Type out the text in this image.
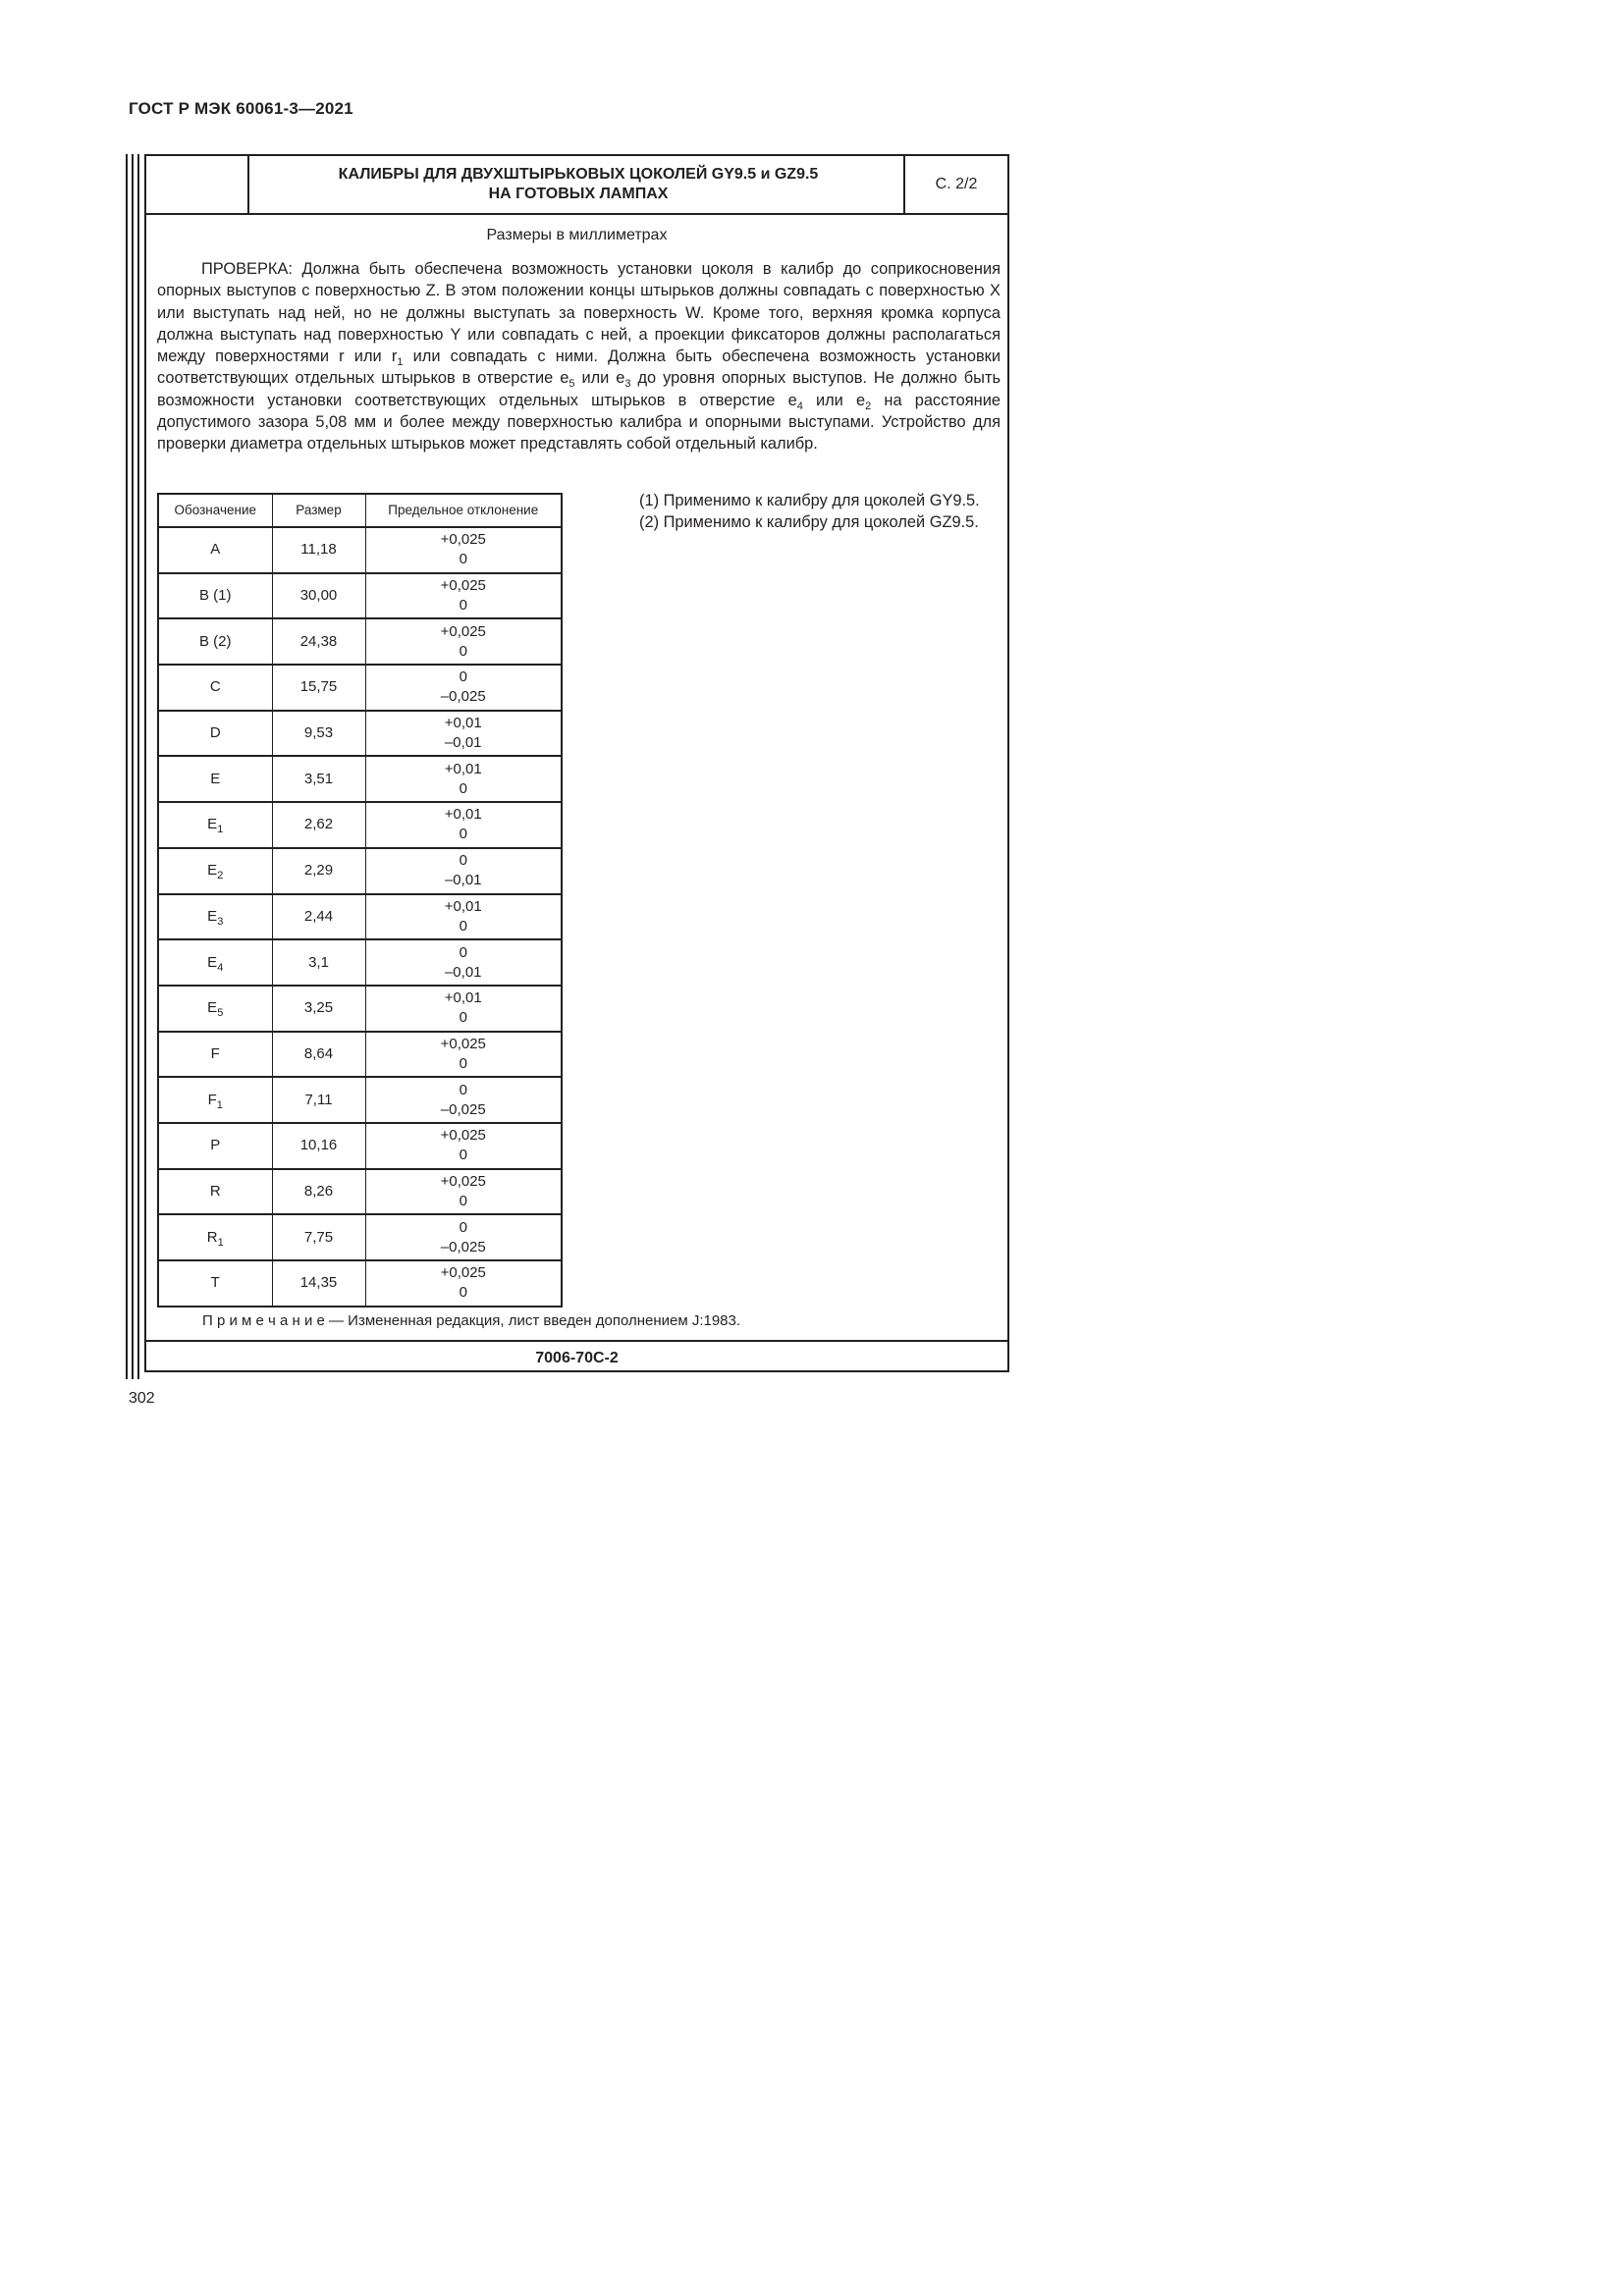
ГОСТ Р МЭК 60061-3—2021
КАЛИБРЫ ДЛЯ ДВУХШТЫРЬКОВЫХ ЦОКОЛЕЙ GY9.5 и GZ9.5
НА ГОТОВЫХ ЛАМПАХ
С. 2/2
Размеры в миллиметрах

ПРОВЕРКА: Должна быть обеспечена возможность установки цоколя в калибр до соприкосновения опорных выступов с поверхностью Z. В этом положении концы штырьков должны совпадать с поверхностью X или выступать над ней, но не должны выступать за поверхность W. Кроме того, верхняя кромка корпуса должна выступать над поверхностью Y или совпадать с ней, а проекции фиксаторов должны располагаться между поверхностями r или $r_1$ или совпадать с ними. Должна быть обеспечена возможность установки соответствующих отдельных штырьков в отверстие $e_5$ или $e_3$ до уровня опорных выступов. Не должно быть возможности установки соответствующих отдельных штырьков в отверстие $e_4$ или $e_2$ на расстояние допустимого зазора 5,08 мм и более между поверхностью калибра и опорными выступами. Устройство для проверки диаметра отдельных штырьков может представлять собой отдельный калибр.

Обозначение	Размер	Предельное отклонение
A	11,18	+0,025
0

B (1)	30,00	+0,025
0

B (2)	24,38	+0,025
0

C	15,75	0
–0,025

D	9,53	+0,01
–0,01

E	3,51	+0,01
0

$E_1$	2,62	+0,01
0

$E_2$	2,29	0
–0,01

$E_3$	2,44	+0,01
0

$E_4$	3,1	0
–0,01

$E_5$	3,25	+0,01
0

F	8,64	+0,025
0

$F_1$	7,11	0
–0,025

P	10,16	+0,025
0

R	8,26	+0,025
0

$R_1$	7,75	0
–0,025

T	14,35	+0,025
0

(1) Применимо к калибру для цоколей GY9.5.

(2) Применимо к калибру для цоколей GZ9.5.

П р и м е ч а н и е — Измененная редакция, лист введен дополнением J:1983.
7006-70C-2
302
